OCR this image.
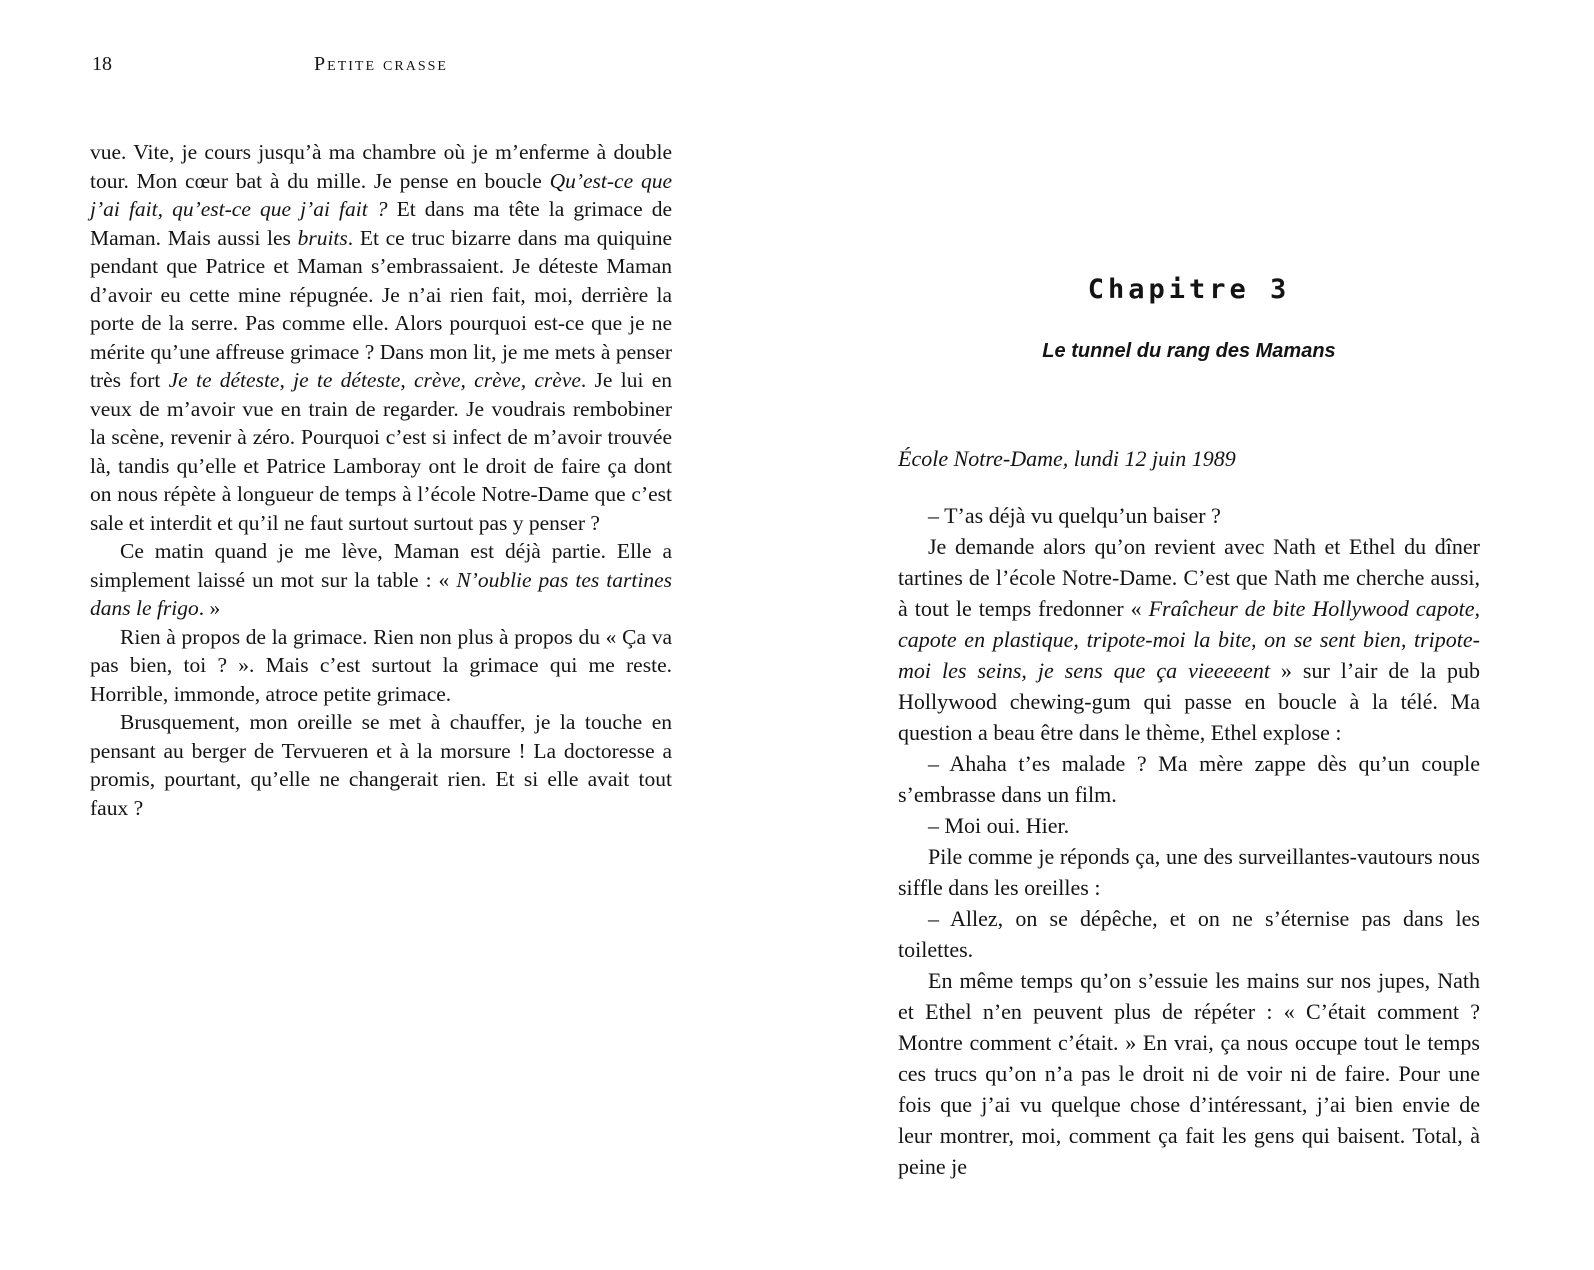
18	Petite crasse

vue. Vite, je cours jusqu’à ma chambre où je m’enferme à double tour. Mon cœur bat à du mille. Je pense en boucle Qu’est-ce que j’ai fait, qu’est-ce que j’ai fait ? Et dans ma tête la grimace de Maman. Mais aussi les bruits. Et ce truc bizarre dans ma quiquine pendant que Patrice et Maman s’embrassaient. Je déteste Maman d’avoir eu cette mine répugnée. Je n’ai rien fait, moi, derrière la porte de la serre. Pas comme elle. Alors pourquoi est-ce que je ne mérite qu’une affreuse grimace ? Dans mon lit, je me mets à penser très fort Je te déteste, je te déteste, crève, crève, crève. Je lui en veux de m’avoir vue en train de regarder. Je voudrais rembobiner la scène, revenir à zéro. Pourquoi c’est si infect de m’avoir trouvée là, tandis qu’elle et Patrice Lamboray ont le droit de faire ça dont on nous répète à longueur de temps à l’école Notre-Dame que c’est sale et interdit et qu’il ne faut surtout surtout pas y penser ?

Ce matin quand je me lève, Maman est déjà partie. Elle a simplement laissé un mot sur la table : « N’oublie pas tes tartines dans le frigo. »

Rien à propos de la grimace. Rien non plus à propos du « Ça va pas bien, toi ? ». Mais c’est surtout la grimace qui me reste. Horrible, immonde, atroce petite grimace.

Brusquement, mon oreille se met à chauffer, je la touche en pensant au berger de Tervueren et à la morsure ! La doctoresse a promis, pourtant, qu’elle ne changerait rien. Et si elle avait tout faux ?

Chapitre 3
Le tunnel du rang des Mamans

École Notre-Dame, lundi 12 juin 1989

– T’as déjà vu quelqu’un baiser ?

Je demande alors qu’on revient avec Nath et Ethel du dîner tartines de l’école Notre-Dame. C’est que Nath me cherche aussi, à tout le temps fredonner « Fraîcheur de bite Hollywood capote, capote en plastique, tripote-moi la bite, on se sent bien, tripote-moi les seins, je sens que ça vieeeeent » sur l’air de la pub Hollywood chewing-gum qui passe en boucle à la télé. Ma question a beau être dans le thème, Ethel explose :

– Ahaha t’es malade ? Ma mère zappe dès qu’un couple s’embrasse dans un film.

– Moi oui. Hier.

Pile comme je réponds ça, une des surveillantes-vautours nous siffle dans les oreilles :

– Allez, on se dépêche, et on ne s’éternise pas dans les toilettes.

En même temps qu’on s’essuie les mains sur nos jupes, Nath et Ethel n’en peuvent plus de répéter : « C’était comment ? Montre comment c’était. » En vrai, ça nous occupe tout le temps ces trucs qu’on n’a pas le droit ni de voir ni de faire. Pour une fois que j’ai vu quelque chose d’intéressant, j’ai bien envie de leur montrer, moi, comment ça fait les gens qui baisent. Total, à peine je
